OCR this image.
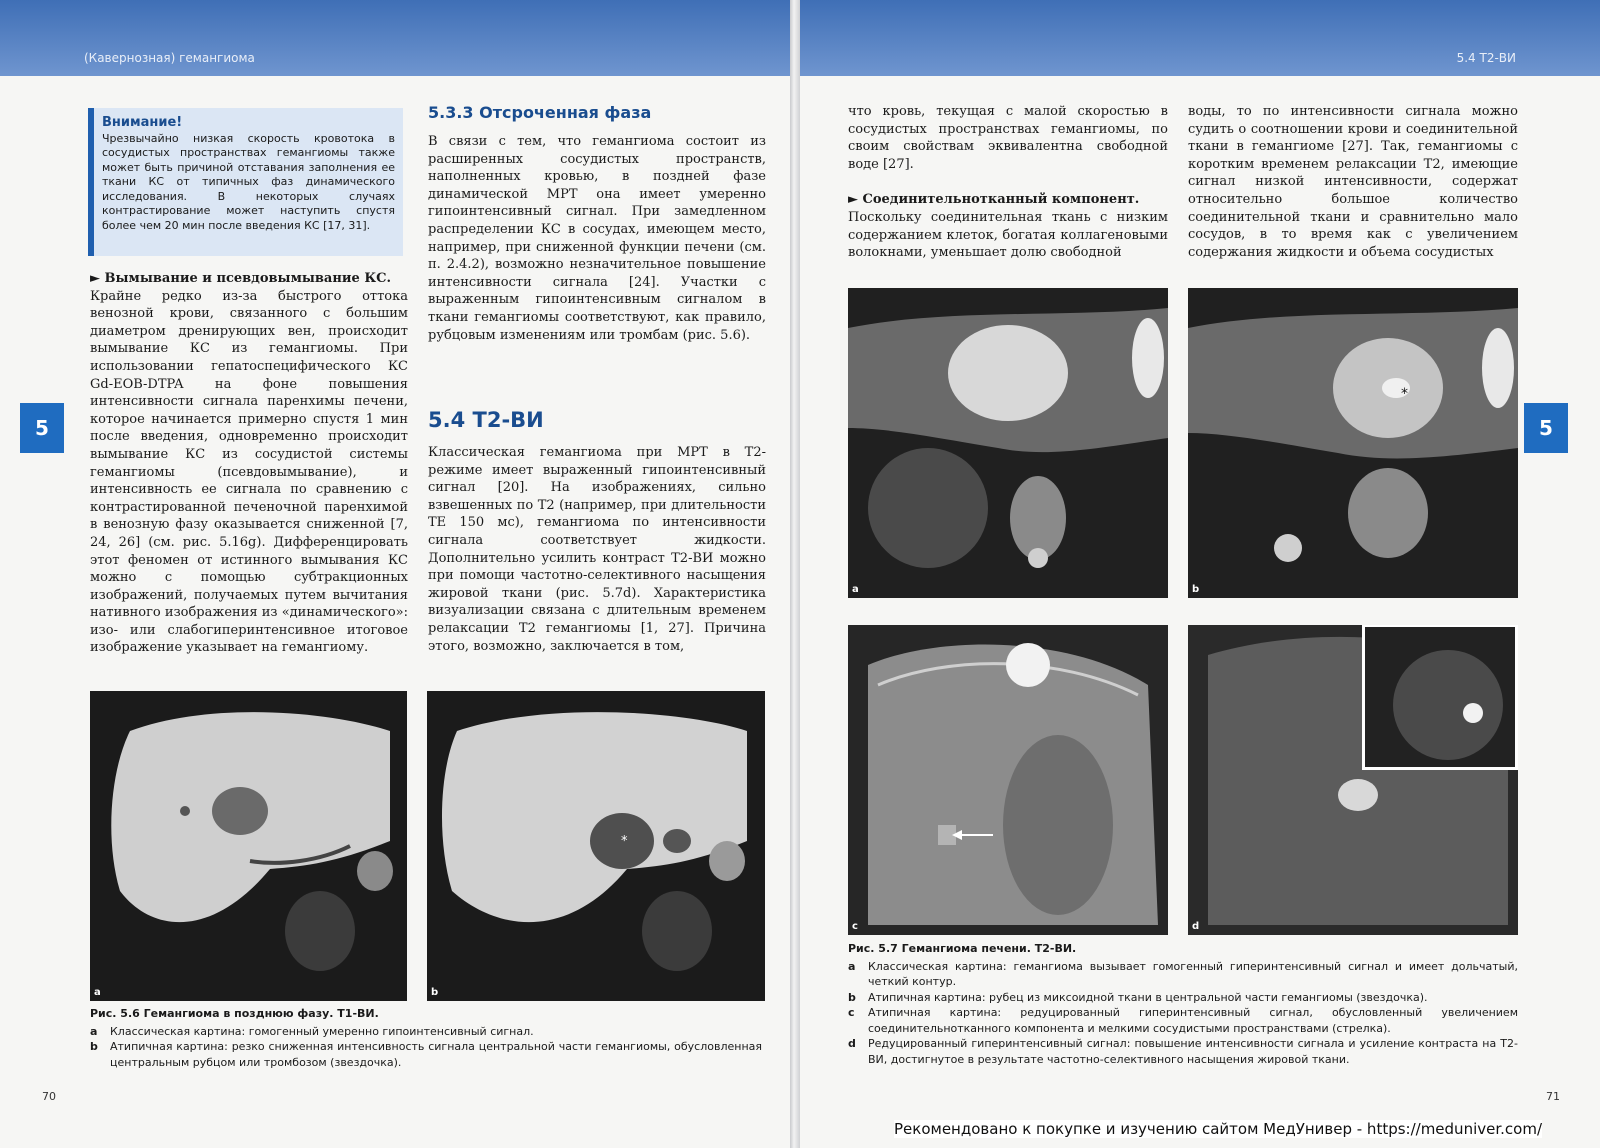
(Кавернозная) гемангиома
5
Внимание!
Чрезвычайно низкая скорость кровотока в сосудистых пространствах гемангиомы также может быть причиной отставания заполнения ее ткани КС от типичных фаз динамического исследования. В некоторых случаях контрастирование может наступить спустя более чем 20 мин после введения КС [17, 31].

► Вымывание и псевдовымывание КС.

Крайне редко из-за быстрого оттока венозной крови, связанного с большим диаметром дренирующих вен, происходит вымывание КС из гемангиомы. При использовании гепатоспецифического КС Gd-EOB-DTPA на фоне повышения интенсивности сигнала паренхимы печени, которое начинается примерно спустя 1 мин после введения, одновременно происходит вымывание КС из сосудистой системы гемангиомы (псевдовымывание), и интенсивность ее сигнала по сравнению с контрастированной печеночной паренхимой в венозную фазу оказывается сниженной [7, 24, 26] (см. рис. 5.16g). Дифференцировать этот феномен от истинного вымывания КС можно с помощью субтракционных изображений, получаемых путем вычитания нативного изображения из «динамического»: изо- или слабогиперинтенсивное итоговое изображение указывает на гемангиому.

5.3.3 Отсроченная фаза
В связи с тем, что гемангиома состоит из расширенных сосудистых пространств, наполненных кровью, в поздней фазе динамической МРТ она имеет умеренно гипоинтенсивный сигнал. При замедленном распределении КС в сосудах, имеющем место, например, при сниженной функции печени (см. п. 2.4.2), возможно незначительное повышение интенсивности сигнала [24]. Участки с выраженным гипоинтенсивным сигналом в ткани гемангиомы соответствуют, как правило, рубцовым изменениям или тромбам (рис. 5.6).
5.4 Т2-ВИ
Классическая гемангиома при МРТ в Т2-режиме имеет выраженный гипоинтенсивный сигнал [20]. На изображениях, сильно взвешенных по Т2 (например, при длительности ТЕ 150 мс), гемангиома по интенсивности сигнала соответствует жидкости. Дополнительно усилить контраст Т2-ВИ можно при помощи частотно-селективного насыщения жировой ткани (рис. 5.7d). Характеристика визуализации связана с длительным временем релаксации Т2 гемангиомы [1, 27]. Причина этого, возможно, заключается в том,
a
*
b
Рис. 5.6 Гемангиома в позднюю фазу. Т1-ВИ.
a	Классическая картина: гомогенный умеренно гипоинтенсивный сигнал.
b	Атипичная картина: резко сниженная интенсивность сигнала центральной части гемангиомы, обусловленная центральным рубцом или тромбозом (звездочка).
70
5.4 Т2-ВИ
5

что кровь, текущая с малой скоростью в сосудистых пространствах гемангиомы, по своим свойствам эквивалентна свободной воде [27].

► Соединительнотканный компонент.

Поскольку соединительная ткань с низким содержанием клеток, богатая коллагеновыми волокнами, уменьшает долю свободной

воды, то по интенсивности сигнала можно судить о соотношении крови и соединительной ткани в гемангиоме [27]. Так, гемангиомы с коротким временем релаксации Т2, имеющие сигнал низкой интенсивности, содержат относительно большое количество соединительной ткани и сравнительно мало сосудов, в то время как с увеличением содержания жидкости и объема сосудистых
a
*
b
c	d
Рис. 5.7 Гемангиома печени. Т2-ВИ.
a	Классическая картина: гемангиома вызывает гомогенный гиперинтенсивный сигнал и имеет дольчатый, четкий контур.
b	Атипичная картина: рубец из миксоидной ткани в центральной части гемангиомы (звездочка).
c	Атипичная картина: редуцированный гиперинтенсивный сигнал, обусловленный увеличением соединительнотканного компонента и мелкими сосудистыми пространствами (стрелка).
d	Редуцированный гиперинтенсивный сигнал: повышение интенсивности сигнала и усиление контраста на Т2-ВИ, достигнутое в результате частотно-селективного насыщения жировой ткани.
71
Рекомендовано к покупке и изучению сайтом МедУнивер - https://meduniver.com/
